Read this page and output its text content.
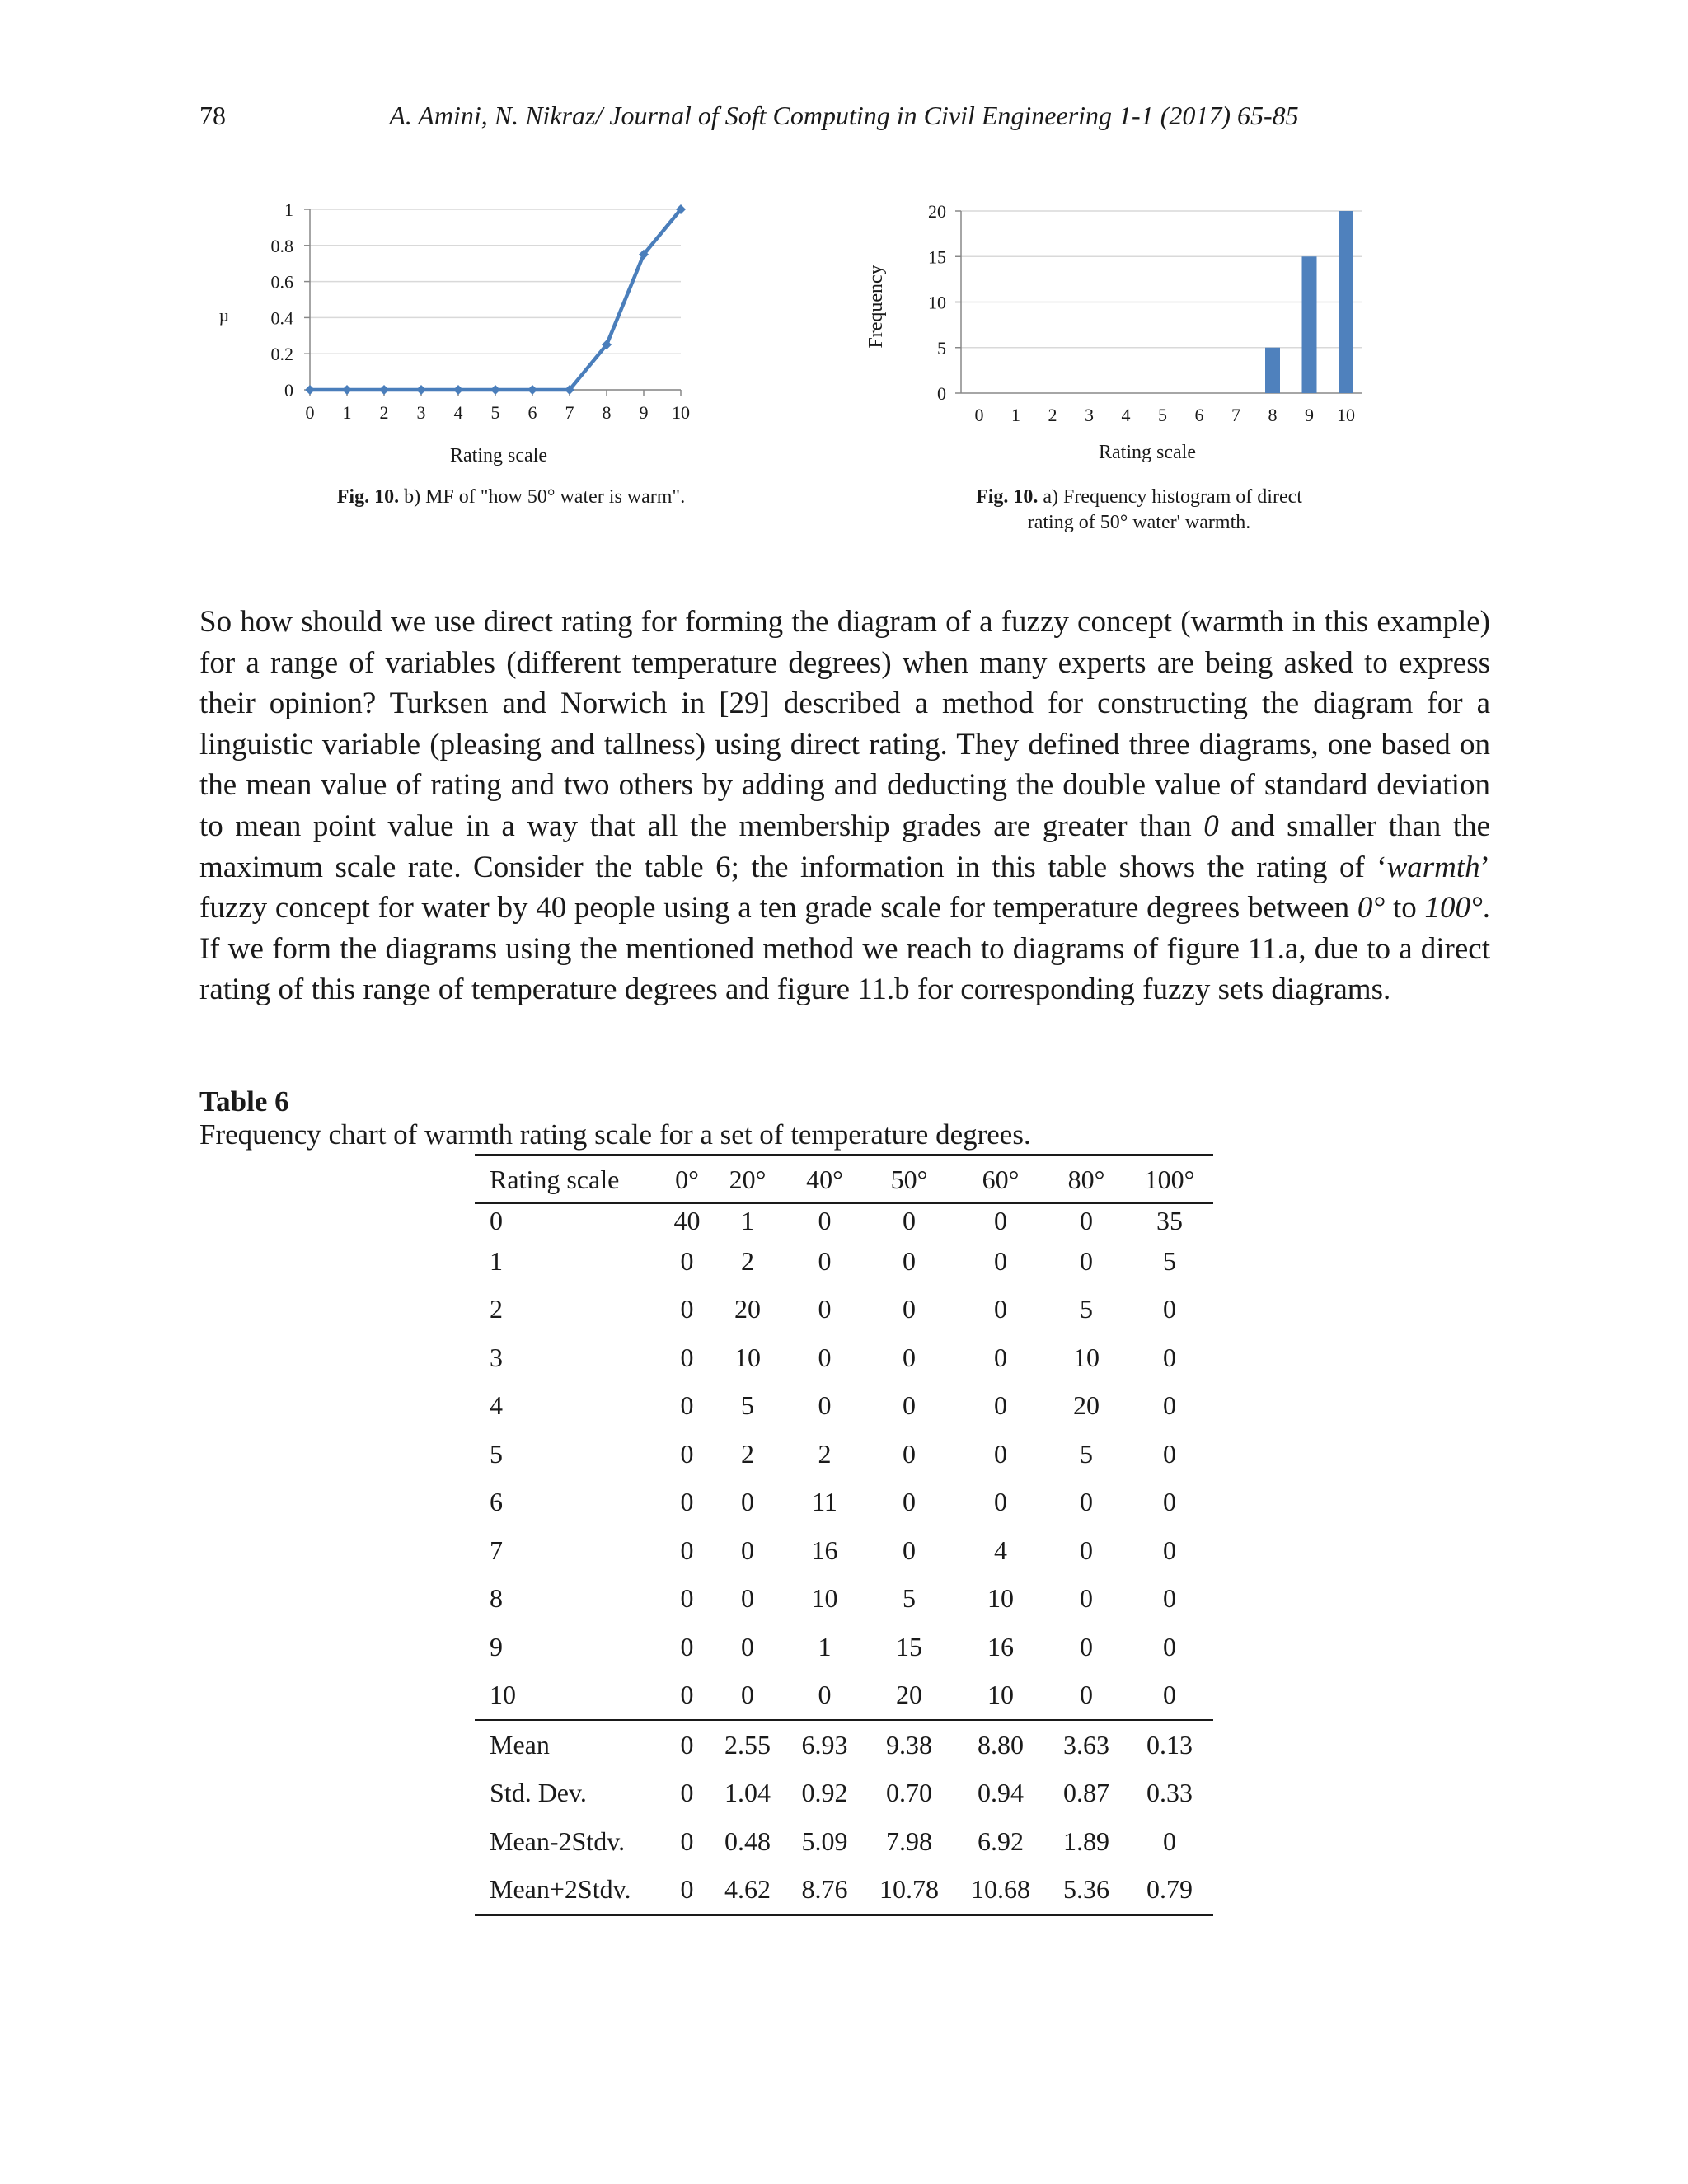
78	A. Amini, N. Nikraz/ Journal of Soft Computing in Civil Engineering 1-1 (2017) 65-85
0
0.2
0.4
0.6
0.8
1
0 1 2 3 4 5 6 7 8 9 10
µ
Rating scale
Fig. 10. b) MF of "how 50° water is warm".
0
5
10
15
20
0 1 2 3 4 5 6 7 8 9 10
Frequency
Rating scale
Fig. 10. a) Frequency histogram of direct
rating of 50° water' warmth.

So how should we use direct rating for forming the diagram of a fuzzy concept (warmth in this example) for a range of variables (different temperature degrees) when many experts are being asked to express their opinion? Turksen and Norwich in [29] described a method for constructing the diagram for a linguistic variable (pleasing and tallness) using direct rating. They defined three diagrams, one based on the mean value of rating and two others by adding and deducting the double value of standard deviation to mean point value in a way that all the membership grades are greater than 0 and smaller than the maximum scale rate. Consider the table 6; the information in this table shows the rating of ‘warmth’ fuzzy concept for water by 40 people using a ten grade scale for temperature degrees between 0° to 100°. If we form the diagrams using the mentioned method we reach to diagrams of figure 11.a, due to a direct rating of this range of temperature degrees and figure 11.b for corresponding fuzzy sets diagrams.

Table 6
Frequency chart of warmth rating scale for a set of temperature degrees.
Rating scale	0°	20°	40°	50°	60°	80°	100°
0	40	1	0	0	0	0	35
1	0	2	0	0	0	0	5
2	0	20	0	0	0	5	0
3	0	10	0	0	0	10	0
4	0	5	0	0	0	20	0
5	0	2	2	0	0	5	0
6	0	0	11	0	0	0	0
7	0	0	16	0	4	0	0
8	0	0	10	5	10	0	0
9	0	0	1	15	16	0	0
10	0	0	0	20	10	0	0
Mean	0	2.55	6.93	9.38	8.80	3.63	0.13
Std. Dev.	0	1.04	0.92	0.70	0.94	0.87	0.33
Mean-2Stdv.	0	0.48	5.09	7.98	6.92	1.89	0
Mean+2Stdv.	0	4.62	8.76	10.78	10.68	5.36	0.79
